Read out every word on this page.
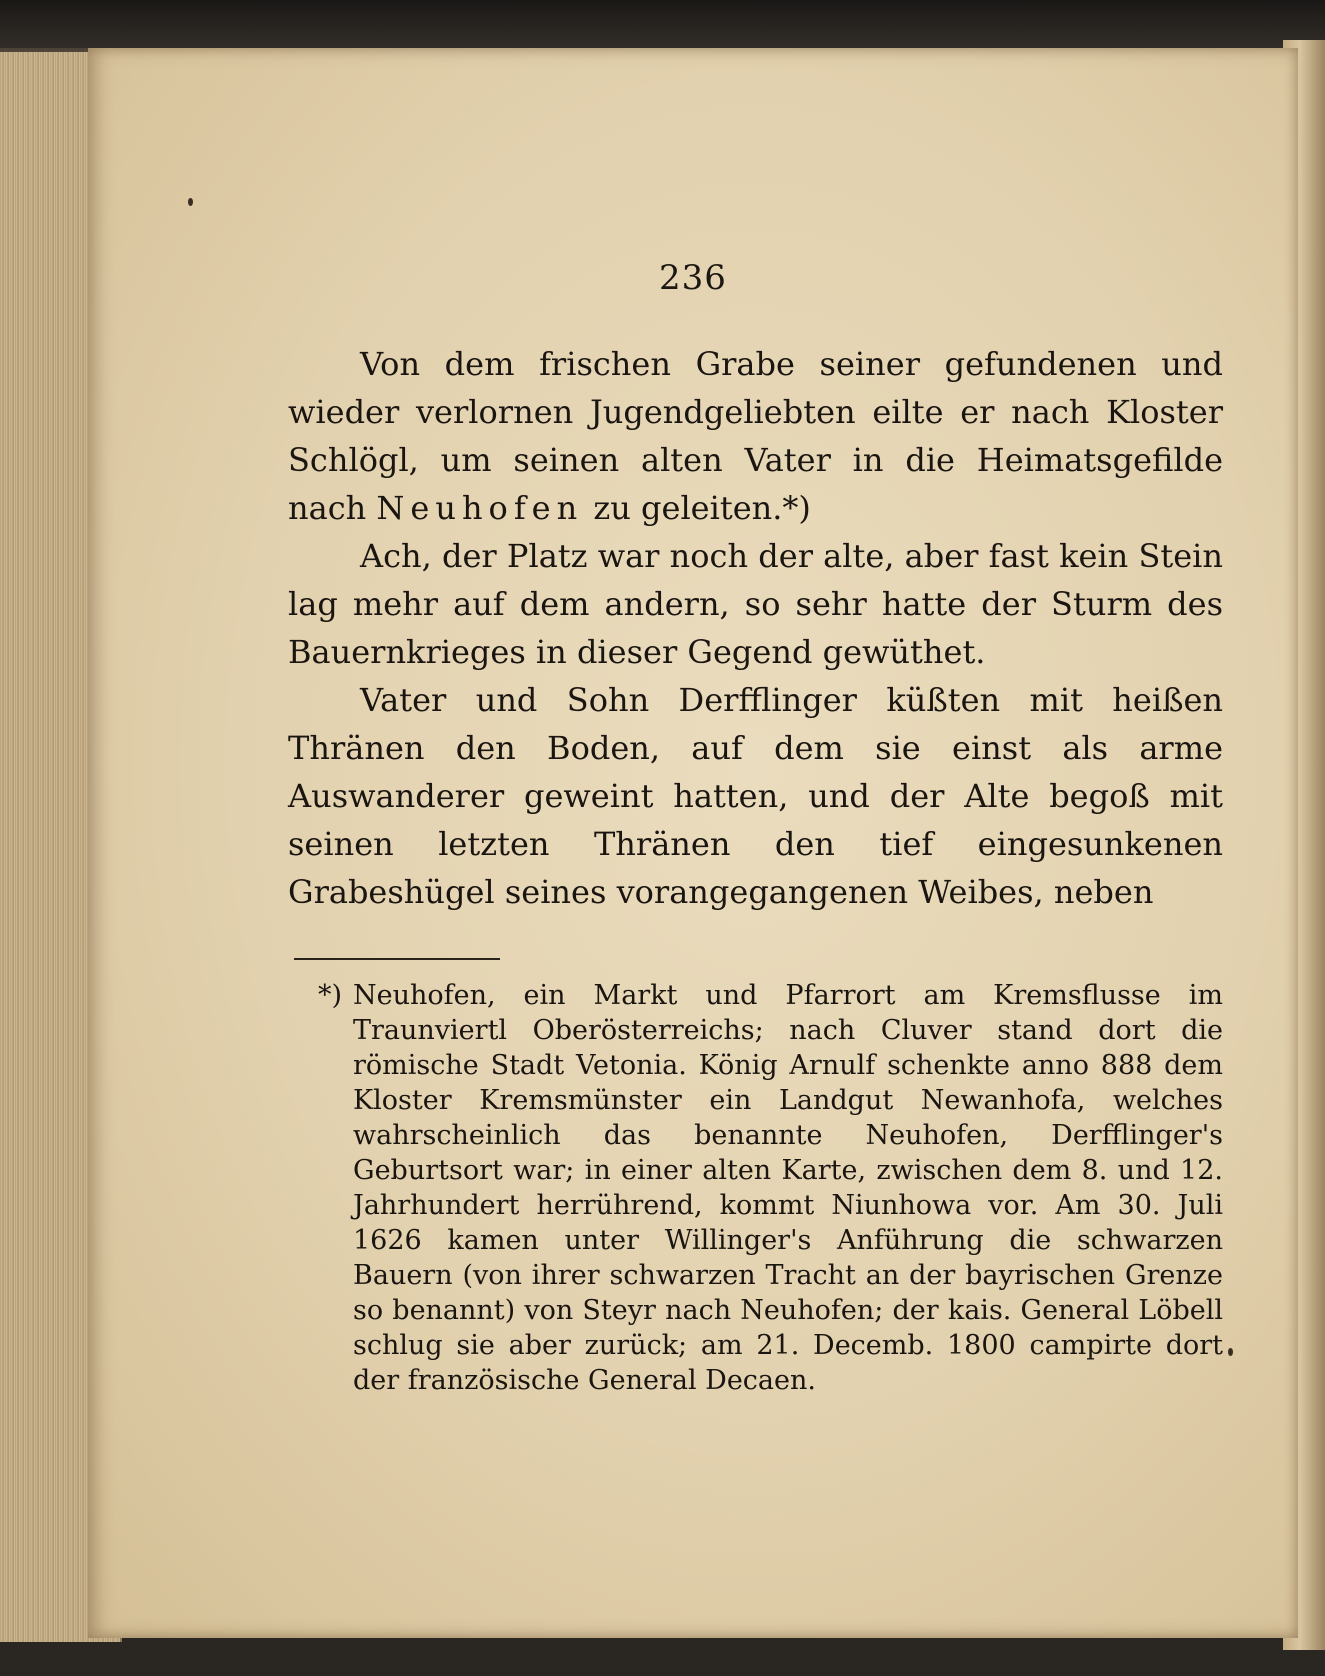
236

Von dem frischen Grabe seiner gefundenen und wieder verlornen Jugendgeliebten eilte er nach Kloster Schlögl, um seinen alten Vater in die Heimatsgefilde nach Neuhofen zu geleiten.*)

Ach, der Platz war noch der alte, aber fast kein Stein lag mehr auf dem andern, so sehr hatte der Sturm des Bauernkrieges in dieser Gegend gewüthet.

Vater und Sohn Derfflinger küßten mit heißen Thränen den Boden, auf dem sie einst als arme Auswanderer geweint hatten, und der Alte begoß mit seinen letzten Thränen den tief eingesunkenen Grabeshügel seines vorangegangenen Weibes, neben

*) Neuhofen, ein Markt und Pfarrort am Kremsflusse im Traunviertl Oberösterreichs; nach Cluver stand dort die römische Stadt Vetonia. König Arnulf schenkte anno 888 dem Kloster Kremsmünster ein Landgut Newanhofa, welches wahrscheinlich das benannte Neuhofen, Derfflinger's Geburtsort war; in einer alten Karte, zwischen dem 8. und 12. Jahrhundert herrührend, kommt Niunhowa vor. Am 30. Juli 1626 kamen unter Willinger's Anführung die schwarzen Bauern (von ihrer schwarzen Tracht an der bayrischen Grenze so benannt) von Steyr nach Neuhofen; der kais. General Löbell schlug sie aber zurück; am 21. Decemb. 1800 campirte dort der französische General Decaen.
